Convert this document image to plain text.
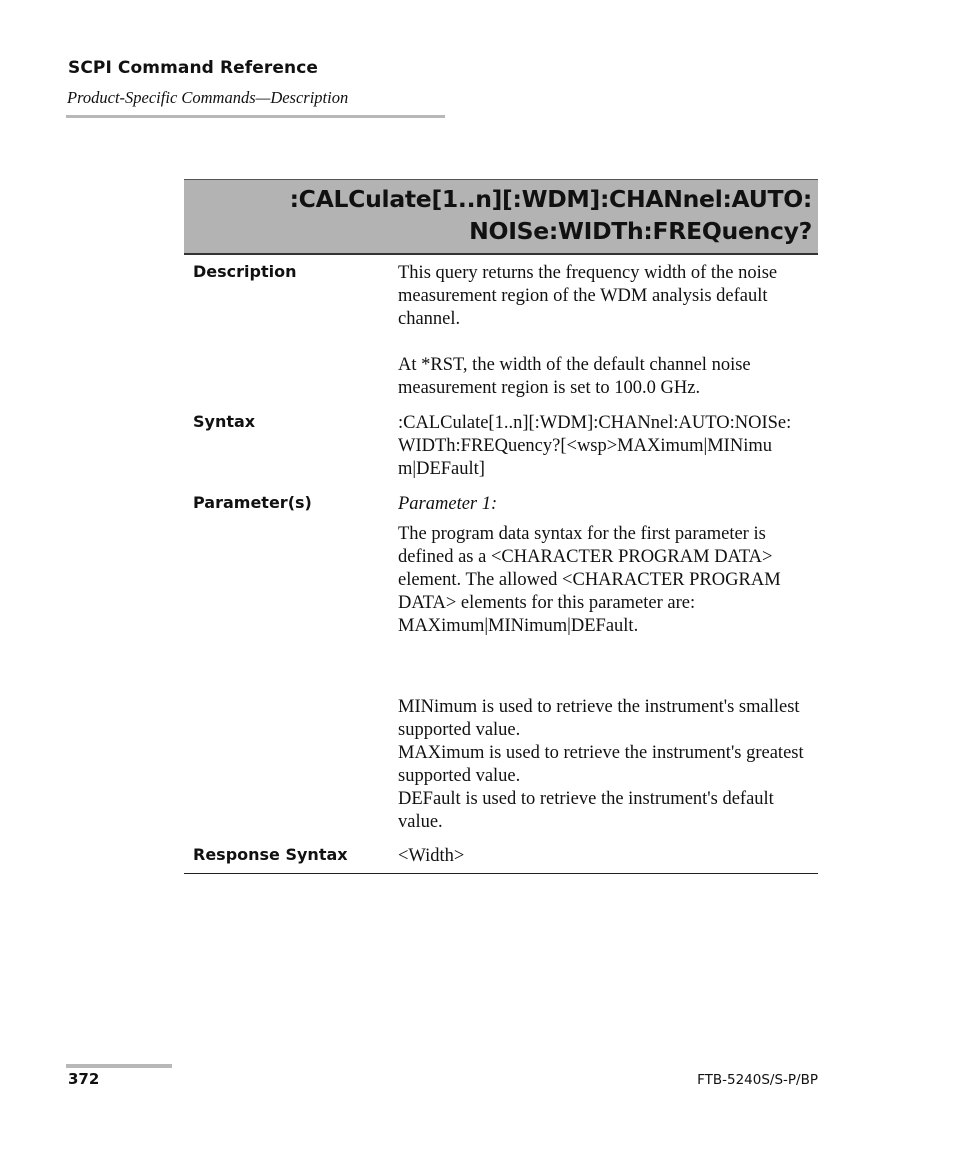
SCPI Command Reference
Product-Specific Commands—Description
:CALCulate[1..n][:WDM]:CHANnel:AUTO:
NOISe:WIDTh:FREQuency?
Description	This query returns the frequency width of the noise measurement region of the WDM analysis default channel.

At *RST, the width of the default channel noise measurement region is set to 100.0 GHz.

Syntax	:CALCulate[1..n][:WDM]:CHANnel:AUTO:NOISe:
WIDTh:FREQuency?[<wsp>MAXimum|MINimu
m|DEFault]
Parameter(s)	Parameter 1:

The program data syntax for the first parameter is defined as a <CHARACTER PROGRAM DATA> element. The allowed <CHARACTER PROGRAM DATA> elements for this parameter are: MAXimum|MINimum|DEFault.

MINimum is used to retrieve the instrument's smallest supported value.

MAXimum is used to retrieve the instrument's greatest supported value.

DEFault is used to retrieve the instrument's default value.

Response Syntax	<Width>
372	FTB-5240S/S-P/BP
